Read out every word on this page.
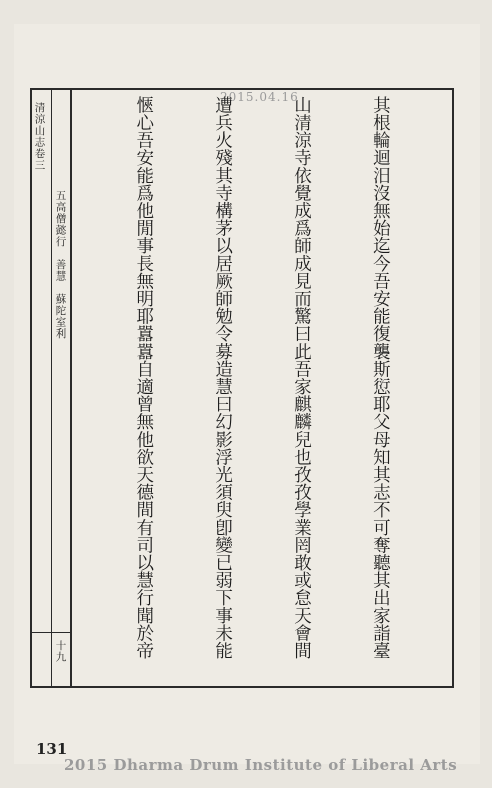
清涼山志卷三
五高僧懿行　善慧　蘇陀室利
十九
2015.04.16

	其根輪迴汨沒無始迄今吾安能復襲斯愆耶父母知其志不可奪聽其出家詣臺

山清涼寺依覺成爲師成見而驚曰此吾家麒麟兒也孜孜學業罔敢或怠天會間

遭兵火殘其寺構茅以居厥師勉令募造慧曰幻影浮光須臾卽變已弱下事未能

愜心吾安能爲他閒事長無明耶囂囂自適曾無他欲天德間有司以慧行聞於帝

131
2015 Dharma Drum Institute of Liberal Arts
